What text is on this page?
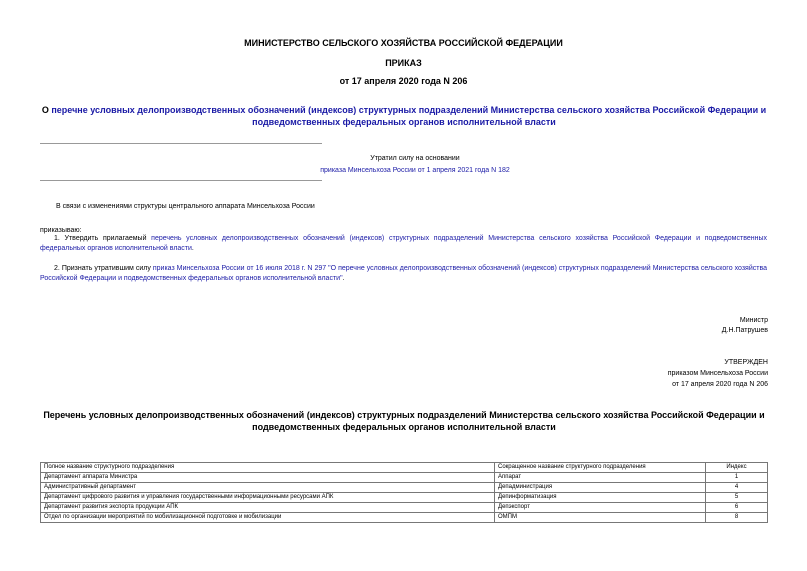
МИНИСТЕРСТВО СЕЛЬСКОГО ХОЗЯЙСТВА РОССИЙСКОЙ ФЕДЕРАЦИИ
ПРИКАЗ
от 17 апреля 2020 года N 206
О перечне условных делопроизводственных обозначений (индексов) структурных подразделений Министерства сельского хозяйства Российской Федерации и подведомственных федеральных органов исполнительной власти
Утратил силу на основании
приказа Минсельхоза России от 1 апреля 2021 года N 182
В связи с изменениями структуры центрального аппарата Минсельхоза России
приказываю:
1. Утвердить прилагаемый перечень условных делопроизводственных обозначений (индексов) структурных подразделений Министерства сельского хозяйства Российской Федерации и подведомственных федеральных органов исполнительной власти.
2. Признать утратившим силу приказ Минсельхоза России от 16 июля 2018 г. N 297 "О перечне условных делопроизводственных обозначений (индексов) структурных подразделений Министерства сельского хозяйства Российской Федерации и подведомственных федеральных органов исполнительной власти".
Министр
Д.Н.Патрушев
УТВЕРЖДЕН
приказом Минсельхоза России
от 17 апреля 2020 года N 206
Перечень условных делопроизводственных обозначений (индексов) структурных подразделений Министерства сельского хозяйства Российской Федерации и подведомственных федеральных органов исполнительной власти
Полное название структурного подразделения	Сокращенное название структурного подразделения	Индекс
Департамент аппарата Министра	Аппарат	1
Административный департамент	Депадминистрация	4
Департамент цифрового развития и управления государственными информационными ресурсами АПК	Депинформатизация	5
Департамент развития экспорта продукции АПК	Депэкспорт	6
Отдел по организации мероприятий по мобилизационной подготовке и мобилизации	ОМПМ	8
